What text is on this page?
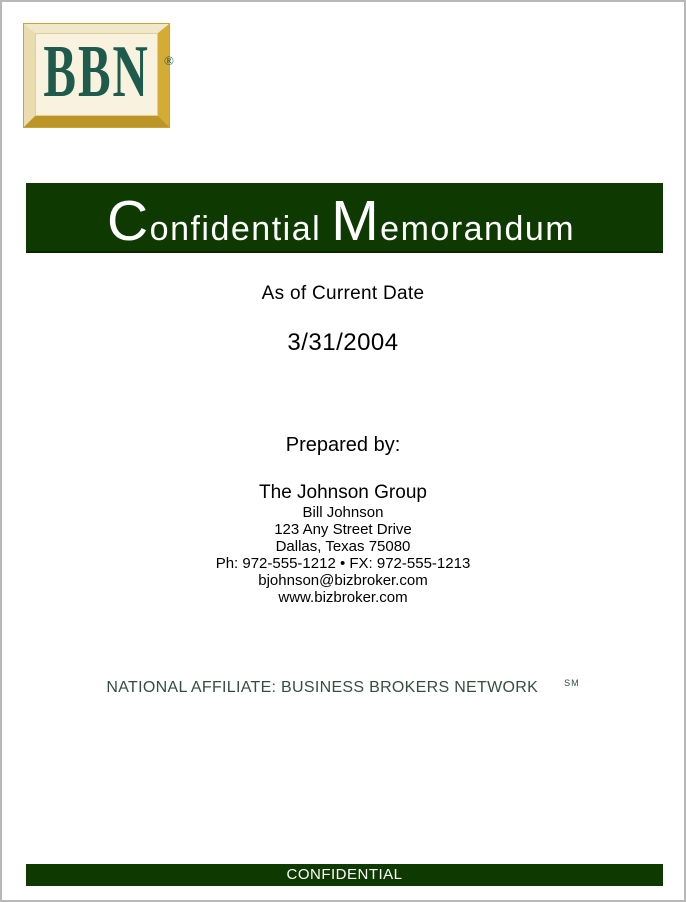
BBN ®
Confidential Memorandum
As of Current Date
3/31/2004
Prepared by:
The Johnson Group
Bill Johnson
123 Any Street Drive
Dallas, Texas 75080
Ph: 972-555-1212 • FX: 972-555-1213
bjohnson@bizbroker.com
www.bizbroker.com
NATIONAL AFFILIATE: BUSINESS BROKERS NETWORK	℠
CONFIDENTIAL
